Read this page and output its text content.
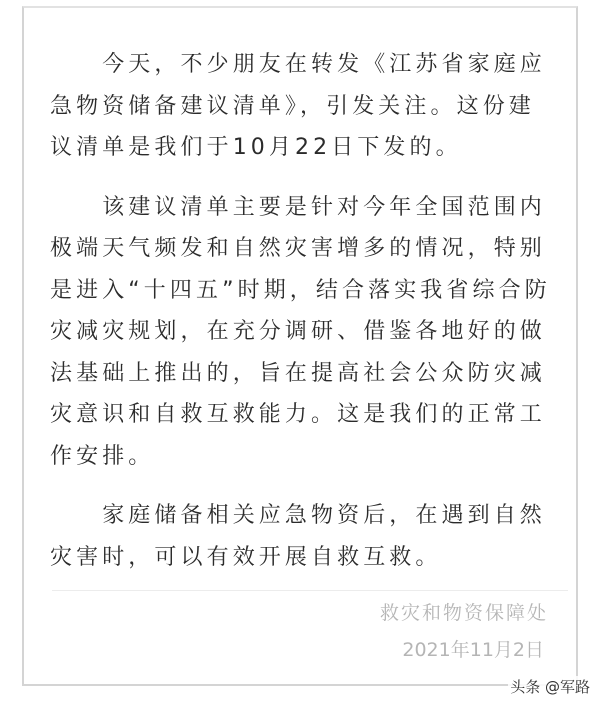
　　今天，不少朋友在转发《江苏省家庭应
急物资储备建议清单》，引发关注。这份建
议清单是我们于10月22日下发的。
　　该建议清单主要是针对今年全国范围内
极端天气频发和自然灾害增多的情况，特别
是进入“十四五”时期，结合落实我省综合防
灾减灾规划，在充分调研、借鉴各地好的做
法基础上推出的，旨在提高社会公众防灾减
灾意识和自救互救能力。这是我们的正常工
作安排。
　　家庭储备相关应急物资后，在遇到自然
灾害时，可以有效开展自救互救。
救灾和物资保障处
2021年11月2日
头条 @军路
